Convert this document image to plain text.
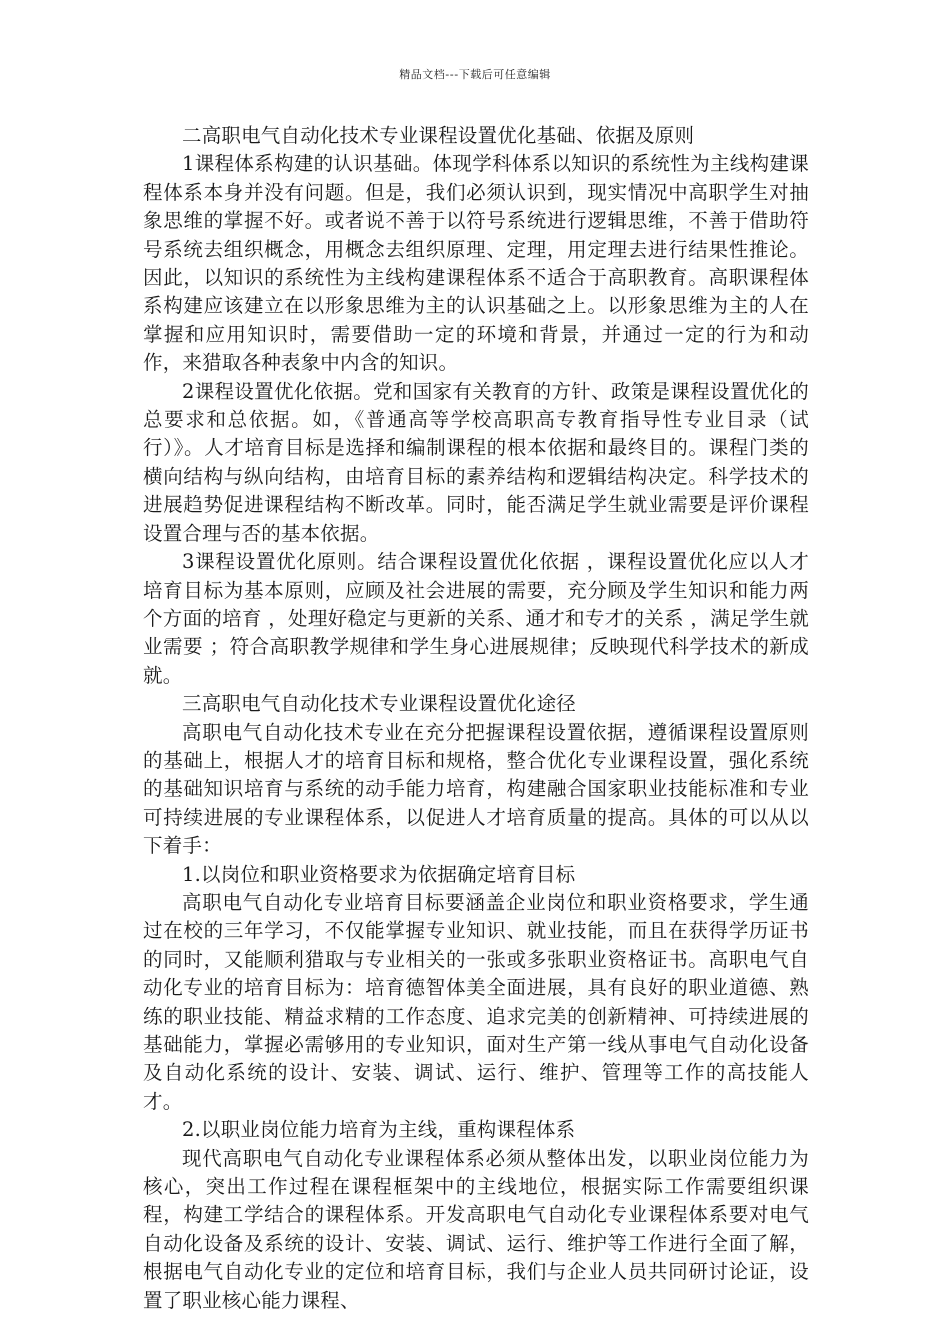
精品文档---下载后可任意编辑

二高职电气自动化技术专业课程设置优化基础、依据及原则

1课程体系构建的认识基础。体现学科体系以知识的系统性为主线构建课程体系本身并没有问题。但是，我们必须认识到，现实情况中高职学生对抽象思维的掌握不好。或者说不善于以符号系统进行逻辑思维，不善于借助符号系统去组织概念，用概念去组织原理、定理，用定理去进行结果性推论。因此，以知识的系统性为主线构建课程体系不适合于高职教育。高职课程体系构建应该建立在以形象思维为主的认识基础之上。以形象思维为主的人在掌握和应用知识时，需要借助一定的环境和背景，并通过一定的行为和动作，来猎取各种表象中内含的知识。

2课程设置优化依据。党和国家有关教育的方针、政策是课程设置优化的总要求和总依据。如，《普通高等学校高职高专教育指导性专业目录（试行）》。人才培育目标是选择和编制课程的根本依据和最终目的。课程门类的横向结构与纵向结构，由培育目标的素养结构和逻辑结构决定。科学技术的进展趋势促进课程结构不断改革。同时，能否满足学生就业需要是评价课程设置合理与否的基本依据。

3课程设置优化原则。结合课程设置优化依据 ，课程设置优化应以人才培育目标为基本原则，应顾及社会进展的需要，充分顾及学生知识和能力两个方面的培育 ，处理好稳定与更新的关系、通才和专才的关系 ，满足学生就业需要 ；符合高职教学规律和学生身心进展规律；反映现代科学技术的新成就。

三高职电气自动化技术专业课程设置优化途径

高职电气自动化技术专业在充分把握课程设置依据，遵循课程设置原则的基础上，根据人才的培育目标和规格，整合优化专业课程设置，强化系统的基础知识培育与系统的动手能力培育，构建融合国家职业技能标准和专业可持续进展的专业课程体系，以促进人才培育质量的提高。具体的可以从以下着手：

1.以岗位和职业资格要求为依据确定培育目标

高职电气自动化专业培育目标要涵盖企业岗位和职业资格要求，学生通过在校的三年学习，不仅能掌握专业知识、就业技能，而且在获得学历证书的同时，又能顺利猎取与专业相关的一张或多张职业资格证书。高职电气自动化专业的培育目标为：培育德智体美全面进展，具有良好的职业道德、熟练的职业技能、精益求精的工作态度、追求完美的创新精神、可持续进展的基础能力，掌握必需够用的专业知识，面对生产第一线从事电气自动化设备及自动化系统的设计、安装、调试、运行、维护、管理等工作的高技能人才。

2.以职业岗位能力培育为主线，重构课程体系

现代高职电气自动化专业课程体系必须从整体出发，以职业岗位能力为核心，突出工作过程在课程框架中的主线地位，根据实际工作需要组织课程，构建工学结合的课程体系。开发高职电气自动化专业课程体系要对电气自动化设备及系统的设计、安装、调试、运行、维护等工作进行全面了解，根据电气自动化专业的定位和培育目标，我们与企业人员共同研讨论证，设置了职业核心能力课程、
